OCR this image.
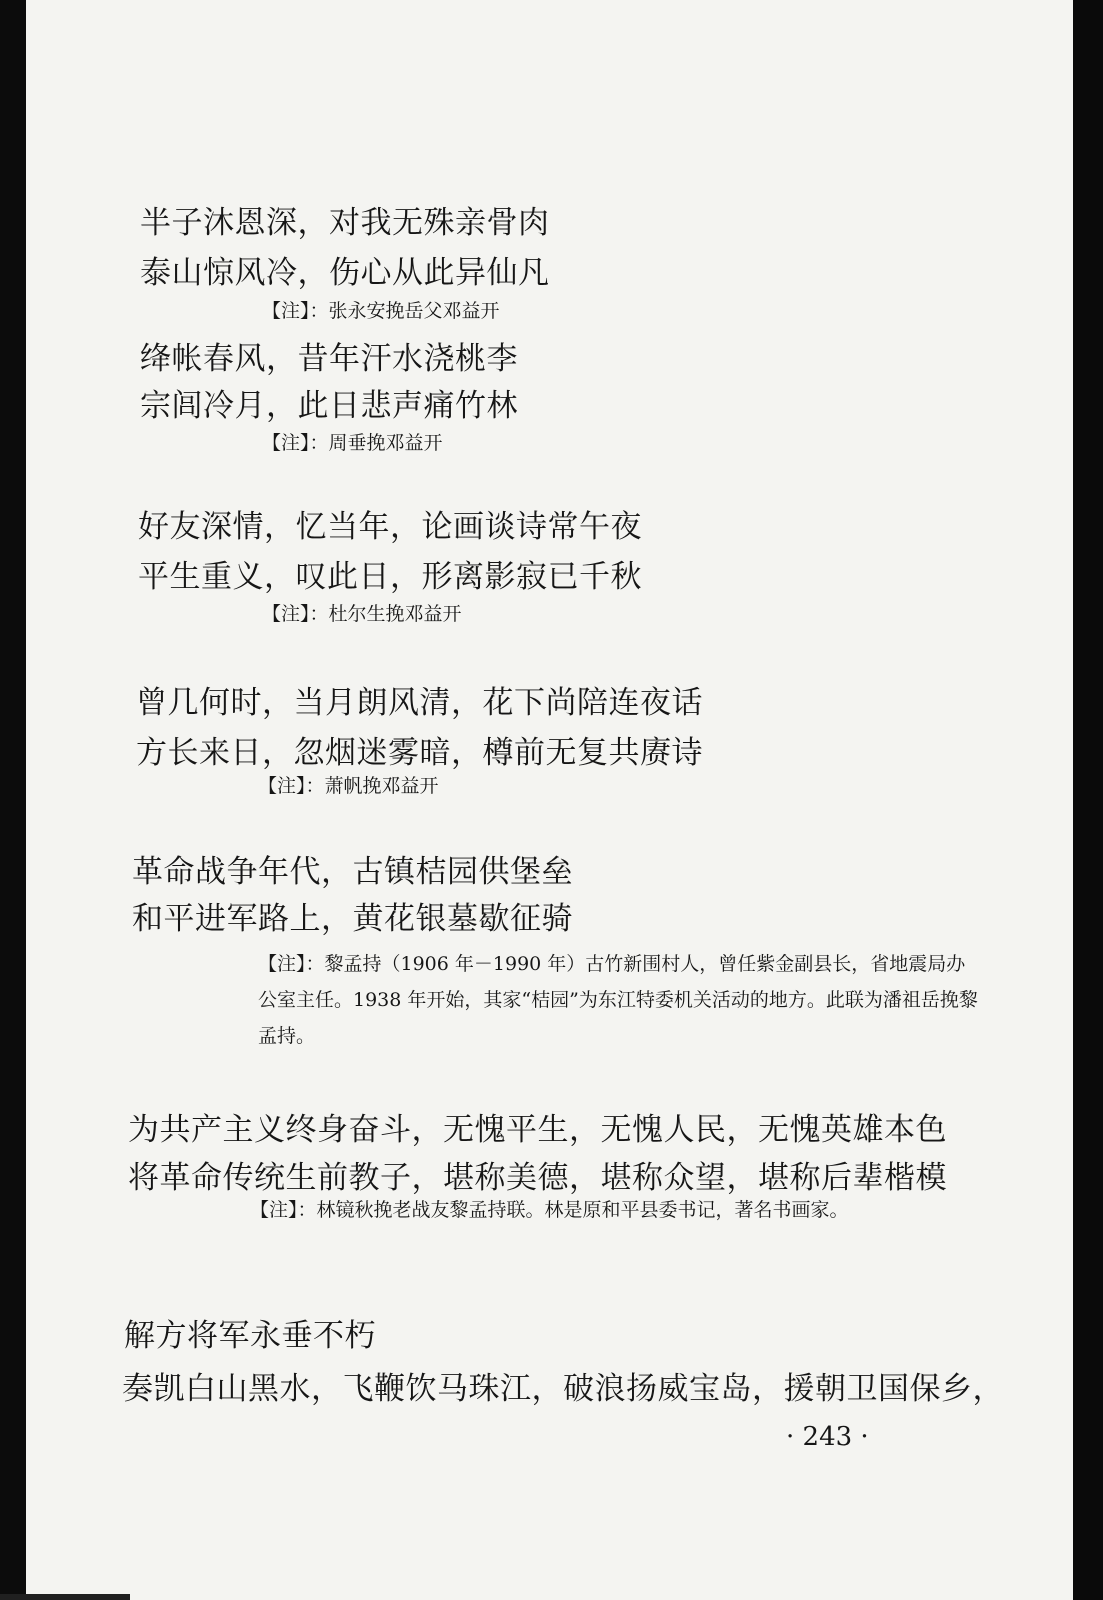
半子沐恩深，对我无殊亲骨肉
泰山惊风冷，伤心从此异仙凡
【注】：张永安挽岳父邓益开
绛帐春风，昔年汗水浇桃李
宗闾冷月，此日悲声痛竹林
【注】：周垂挽邓益开
好友深情，忆当年，论画谈诗常午夜
平生重义，叹此日，形离影寂已千秋
【注】：杜尔生挽邓益开
曾几何时，当月朗风清，花下尚陪连夜话
方长来日，忽烟迷雾暗，樽前无复共赓诗
【注】：萧帆挽邓益开
革命战争年代，古镇桔园供堡垒
和平进军路上，黄花银墓歇征骑
【注】：黎孟持（1906 年－1990 年）古竹新围村人，曾任紫金副县长，省地震局办公室主任。1938 年开始，其家“桔园”为东江特委机关活动的地方。此联为潘祖岳挽黎孟持。
为共产主义终身奋斗，无愧平生，无愧人民，无愧英雄本色
将革命传统生前教子，堪称美德，堪称众望，堪称后辈楷模
【注】：林镜秋挽老战友黎孟持联。林是原和平县委书记，著名书画家。
解方将军永垂不朽
奏凯白山黑水，飞鞭饮马珠江，破浪扬威宝岛，援朝卫国保乡，
· 243 ·
